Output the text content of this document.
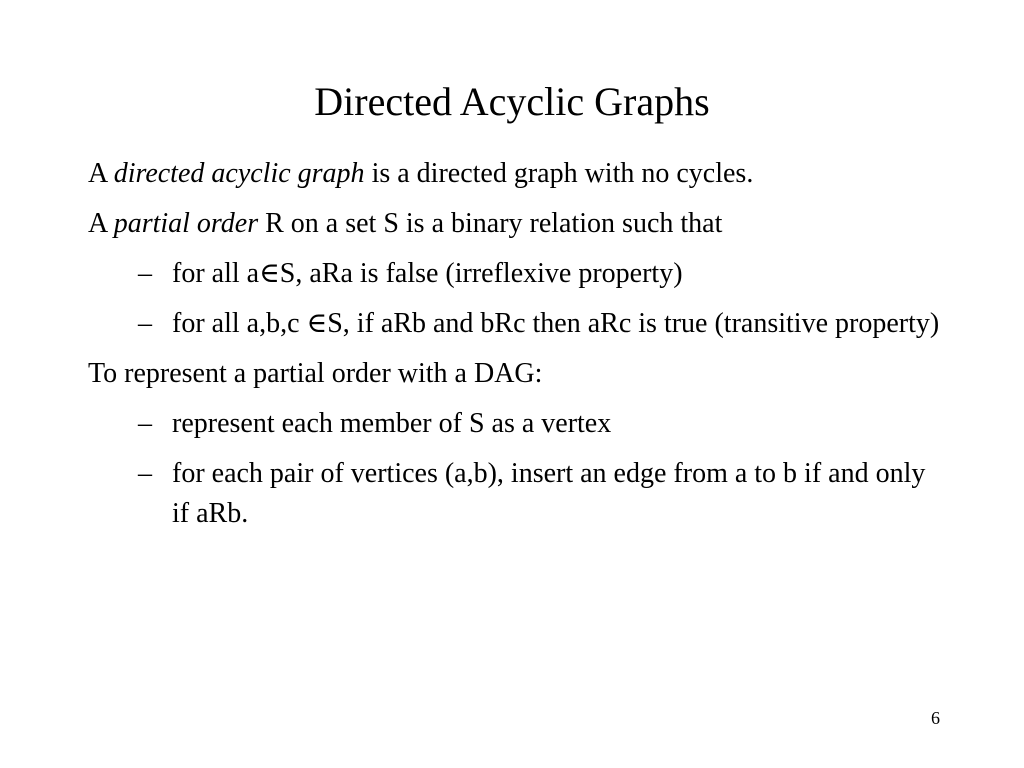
Directed Acyclic Graphs

A directed acyclic graph is a directed graph with no cycles.

A partial order R on a set S is a binary relation such that

– for all a∈S, aRa is false (irreflexive property)
– for all a,b,c ∈S, if aRb and bRc then aRc is true (transitive property)

To represent a partial order with a DAG:

– represent each member of S as a vertex
– for each pair of vertices (a,b), insert an edge from a to b if and only if aRb.
6
